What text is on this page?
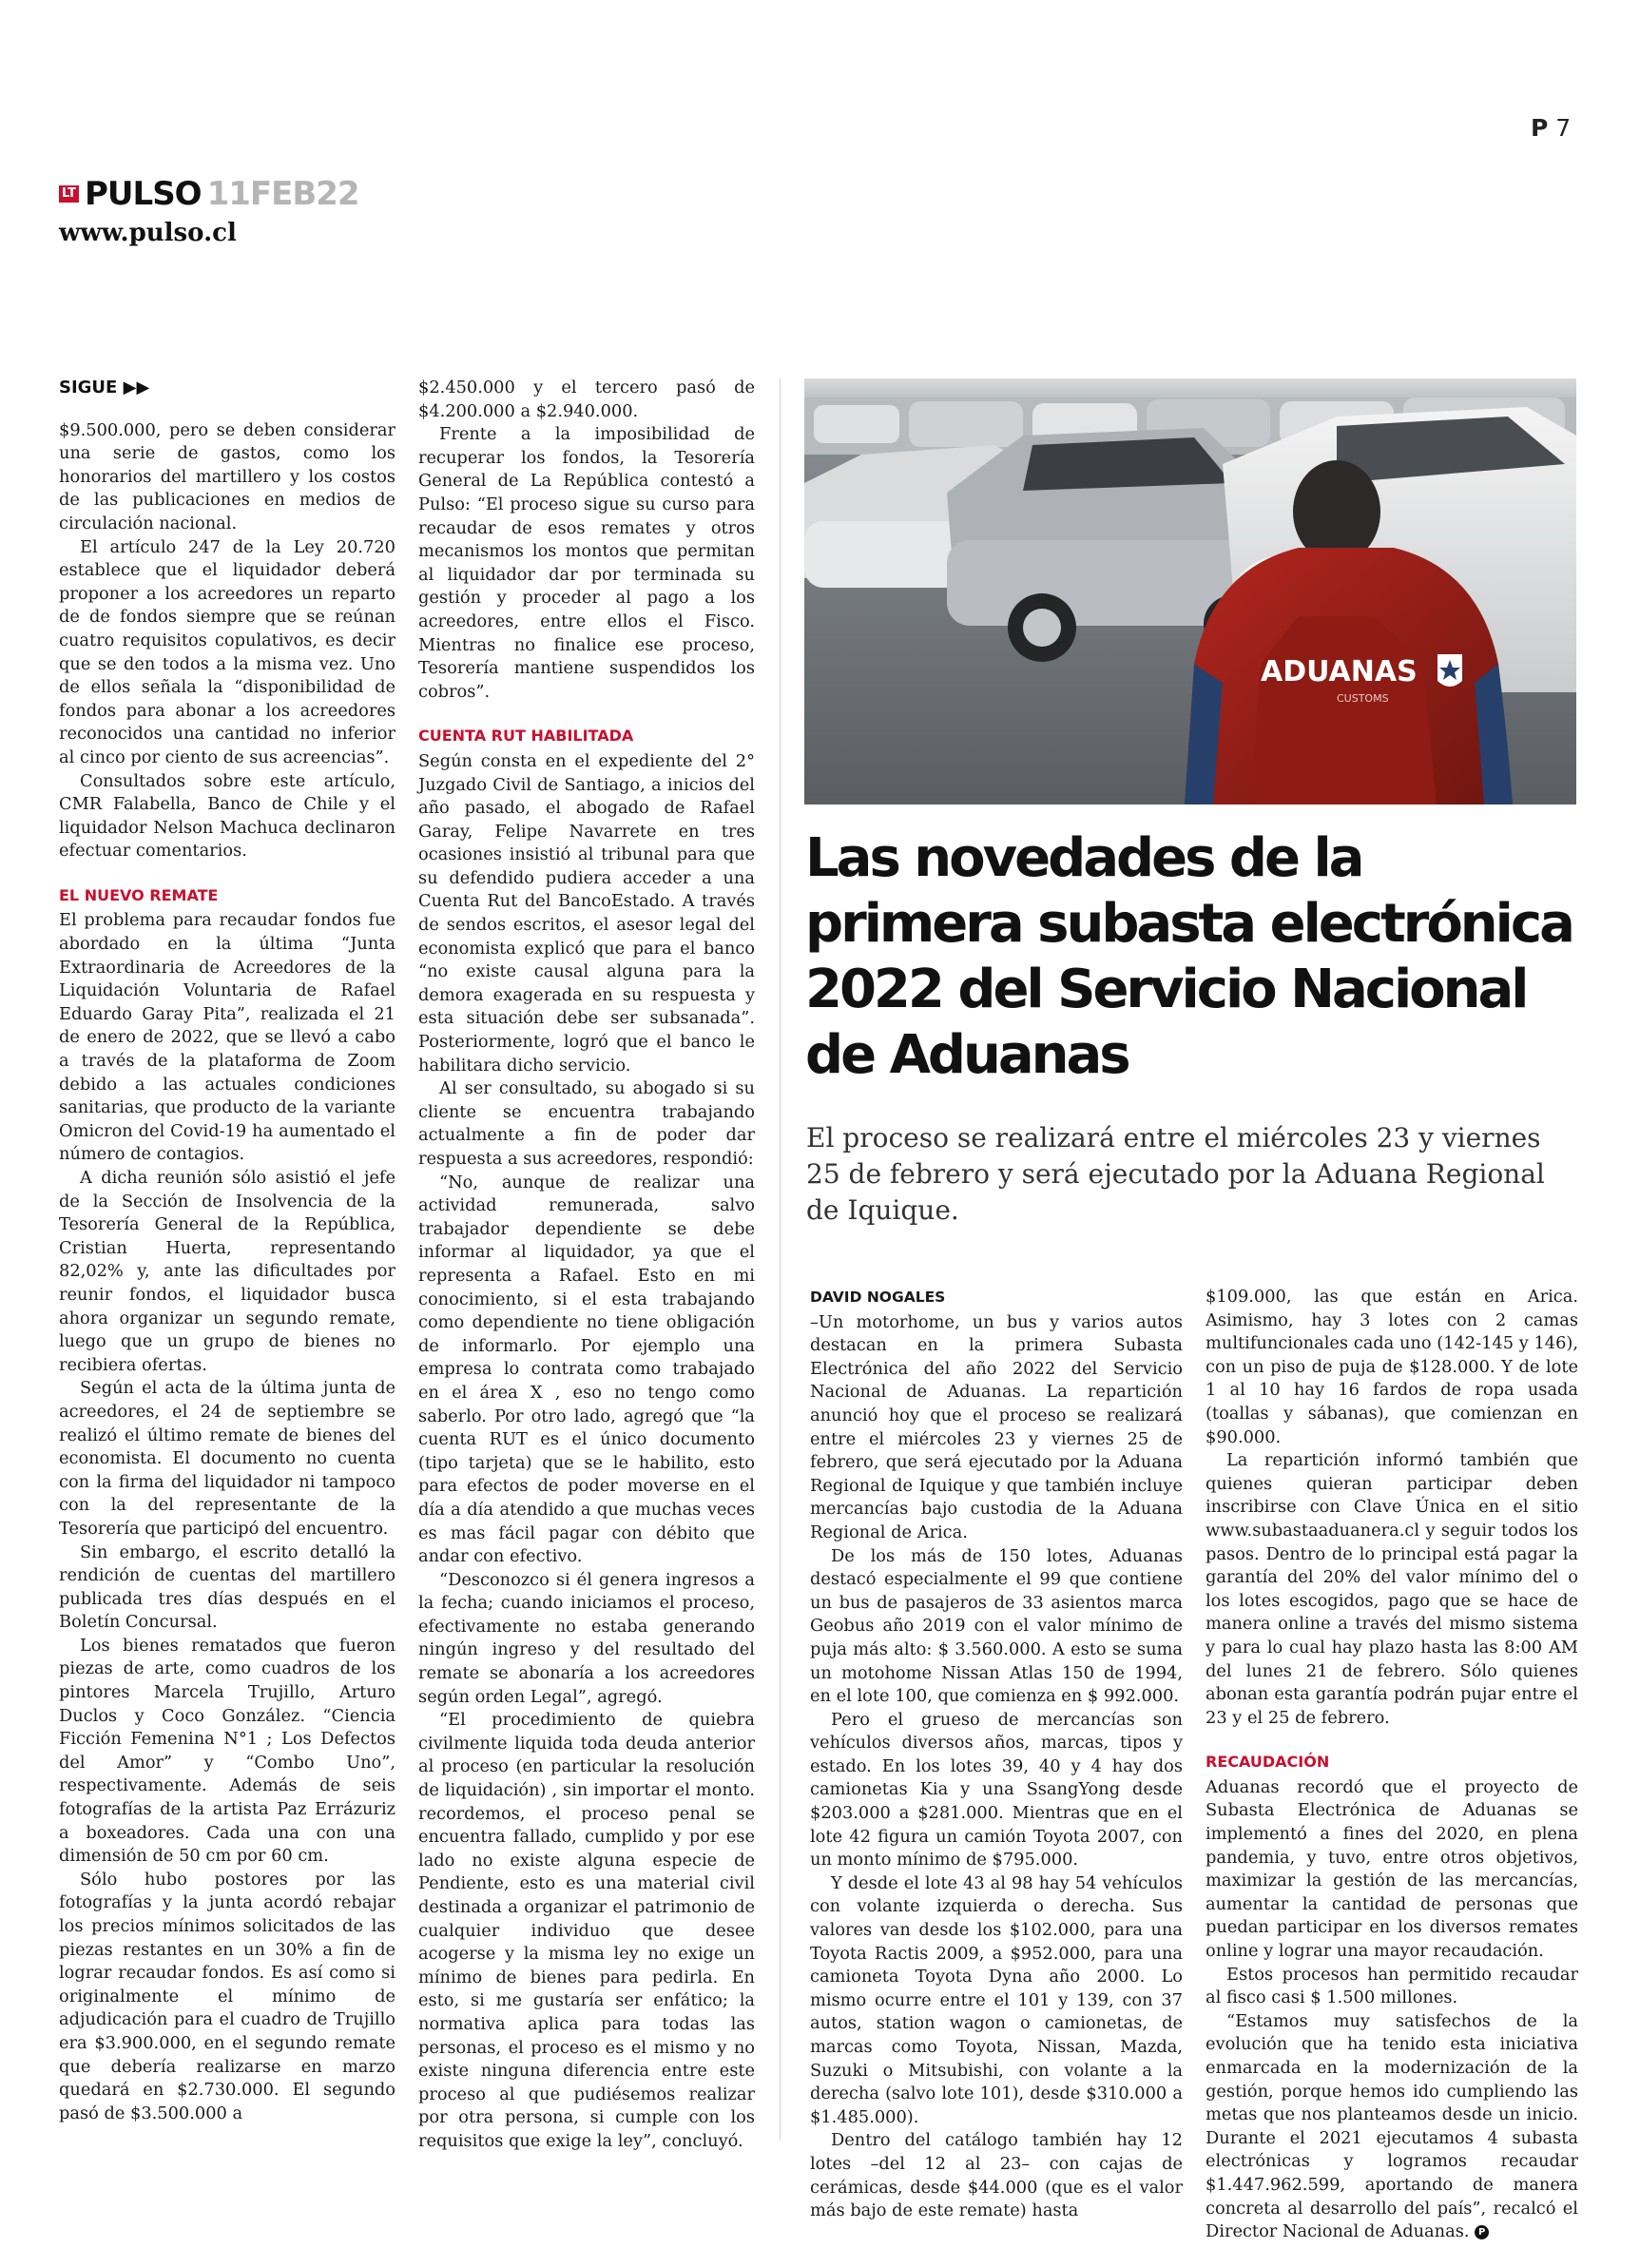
P 7
LT PULSO 11FEB22
www.pulso.cl
SIGUE ▶▶

$9.500.000, pero se deben considerar una serie de gastos, como los honorarios del martillero y los costos de las publicaciones en medios de circulación nacional.

El artículo 247 de la Ley 20.720 establece que el liquidador deberá proponer a los acreedores un reparto de de fondos siempre que se reúnan cuatro requisitos copulativos, es decir que se den todos a la misma vez. Uno de ellos señala la “disponibilidad de fondos para abonar a los acreedores reconocidos una cantidad no inferior al cinco por ciento de sus acreencias”.

Consultados sobre este artículo, CMR Falabella, Banco de Chile y el liquidador Nelson Machuca declinaron efectuar comentarios.

EL NUEVO REMATE

El problema para recaudar fondos fue abordado en la última “Junta Extraordinaria de Acreedores de la Liquidación Voluntaria de Rafael Eduardo Garay Pita”, realizada el 21 de enero de 2022, que se llevó a cabo a través de la plataforma de Zoom debido a las actuales condiciones sanitarias, que producto de la variante Omicron del Covid-19 ha aumentado el número de contagios.

A dicha reunión sólo asistió el jefe de la Sección de Insolvencia de la Tesorería General de la República, Cristian Huerta, representando 82,02% y, ante las dificultades por reunir fondos, el liquidador busca ahora organizar un segundo remate, luego que un grupo de bienes no recibiera ofertas.

Según el acta de la última junta de acreedores, el 24 de septiembre se realizó el último remate de bienes del economista. El documento no cuenta con la firma del liquidador ni tampoco con la del representante de la Tesorería que participó del encuentro.

Sin embargo, el escrito detalló la rendición de cuentas del martillero publicada tres días después en el Boletín Concursal.

Los bienes rematados que fueron piezas de arte, como cuadros de los pintores Marcela Trujillo, Arturo Duclos y Coco González. “Ciencia Ficción Femenina N°1 ; Los Defectos del Amor” y “Combo Uno”, respectivamente. Además de seis fotografías de la artista Paz Errázuriz a boxeadores. Cada una con una dimensión de 50 cm por 60 cm.

Sólo hubo postores por las fotografías y la junta acordó rebajar los precios mínimos solicitados de las piezas restantes en un 30% a fin de lograr recaudar fondos. Es así como si originalmente el mínimo de adjudicación para el cuadro de Trujillo era $3.900.000, en el segundo remate que debería realizarse en marzo quedará en $2.730.000. El segundo pasó de $3.500.000 a

$2.450.000 y el tercero pasó de $4.200.000 a $2.940.000.

Frente a la imposibilidad de recuperar los fondos, la Tesorería General de La República contestó a Pulso: “El proceso sigue su curso para recaudar de esos remates y otros mecanismos los montos que permitan al liquidador dar por terminada su gestión y proceder al pago a los acreedores, entre ellos el Fisco. Mientras no finalice ese proceso, Tesorería mantiene suspendidos los cobros”.

CUENTA RUT HABILITADA

Según consta en el expediente del 2° Juzgado Civil de Santiago, a inicios del año pasado, el abogado de Rafael Garay, Felipe Navarrete en tres ocasiones insistió al tribunal para que su defendido pudiera acceder a una Cuenta Rut del BancoEstado. A través de sendos escritos, el asesor legal del economista explicó que para el banco “no existe causal alguna para la demora exagerada en su respuesta y esta situación debe ser subsanada”. Posteriormente, logró que el banco le habilitara dicho servicio.

Al ser consultado, su abogado si su cliente se encuentra trabajando actualmente a fin de poder dar respuesta a sus acreedores, respondió:

“No, aunque de realizar una actividad remunerada, salvo trabajador dependiente se debe informar al liquidador, ya que el representa a Rafael. Esto en mi conocimiento, si el esta trabajando como dependiente no tiene obligación de informarlo. Por ejemplo una empresa lo contrata como trabajado en el área X , eso no tengo como saberlo. Por otro lado, agregó que “la cuenta RUT es el único documento (tipo tarjeta) que se le habilito, esto para efectos de poder moverse en el día a día atendido a que muchas veces es mas fácil pagar con débito que andar con efectivo.

“Desconozco si él genera ingresos a la fecha; cuando iniciamos el proceso, efectivamente no estaba generando ningún ingreso y del resultado del remate se abonaría a los acreedores según orden Legal”, agregó.

“El procedimiento de quiebra civilmente liquida toda deuda anterior al proceso (en particular la resolución de liquidación) , sin importar el monto. recordemos, el proceso penal se encuentra fallado, cumplido y por ese lado no existe alguna especie de Pendiente, esto es una material civil destinada a organizar el patrimonio de cualquier individuo que desee acogerse y la misma ley no exige un mínimo de bienes para pedirla. En esto, si me gustaría ser enfático; la normativa aplica para todas las personas, el proceso es el mismo y no existe ninguna diferencia entre este proceso al que pudiésemos realizar por otra persona, si cumple con los requisitos que exige la ley”, concluyó.

ADUANAS
CUSTOMS
Las novedades de la primera subasta electrónica 2022 del Servicio Nacional de Aduanas
El proceso se realizará entre el miércoles 23 y viernes 25 de febrero y será ejecutado por la Aduana Regional de Iquique.
DAVID NOGALES

–Un motorhome, un bus y varios autos destacan en la primera Subasta Electrónica del año 2022 del Servicio Nacional de Aduanas. La repartición anunció hoy que el proceso se realizará entre el miércoles 23 y viernes 25 de febrero, que será ejecutado por la Aduana Regional de Iquique y que también incluye mercancías bajo custodia de la Aduana Regional de Arica.

De los más de 150 lotes, Aduanas destacó especialmente el 99 que contiene un bus de pasajeros de 33 asientos marca Geobus año 2019 con el valor mínimo de puja más alto: $ 3.560.000. A esto se suma un motohome Nissan Atlas 150 de 1994, en el lote 100, que comienza en $ 992.000.

Pero el grueso de mercancías son vehículos diversos años, marcas, tipos y estado. En los lotes 39, 40 y 4 hay dos camionetas Kia y una SsangYong desde $203.000 a $281.000. Mientras que en el lote 42 figura un camión Toyota 2007, con un monto mínimo de $795.000.

Y desde el lote 43 al 98 hay 54 vehículos con volante izquierda o derecha. Sus valores van desde los $102.000, para una Toyota Ractis 2009, a $952.000, para una camioneta Toyota Dyna año 2000. Lo mismo ocurre entre el 101 y 139, con 37 autos, station wagon o camionetas, de marcas como Toyota, Nissan, Mazda, Suzuki o Mitsubishi, con volante a la derecha (salvo lote 101), desde $310.000 a $1.485.000).

Dentro del catálogo también hay 12 lotes –del 12 al 23– con cajas de cerámicas, desde $44.000 (que es el valor más bajo de este remate) hasta

$109.000, las que están en Arica. Asimismo, hay 3 lotes con 2 camas multifuncionales cada uno (142-145 y 146), con un piso de puja de $128.000. Y de lote 1 al 10 hay 16 fardos de ropa usada (toallas y sábanas), que comienzan en $90.000.

La repartición informó también que quienes quieran participar deben inscribirse con Clave Única en el sitio www.subastaaduanera.cl y seguir todos los pasos. Dentro de lo principal está pagar la garantía del 20% del valor mínimo del o los lotes escogidos, pago que se hace de manera online a través del mismo sistema y para lo cual hay plazo hasta las 8:00 AM del lunes 21 de febrero. Sólo quienes abonan esta garantía podrán pujar entre el 23 y el 25 de febrero.

RECAUDACIÓN

Aduanas recordó que el proyecto de Subasta Electrónica de Aduanas se implementó a fines del 2020, en plena pandemia, y tuvo, entre otros objetivos, maximizar la gestión de las mercancías, aumentar la cantidad de personas que puedan participar en los diversos remates online y lograr una mayor recaudación.

Estos procesos han permitido recaudar al fisco casi $ 1.500 millones.

“Estamos muy satisfechos de la evolución que ha tenido esta iniciativa enmarcada en la modernización de la gestión, porque hemos ido cumpliendo las metas que nos planteamos desde un inicio. Durante el 2021 ejecutamos 4 subasta electrónicas y logramos recaudar $1.447.962.599, aportando de manera concreta al desarrollo del país”, recalcó el Director Nacional de Aduanas. P
